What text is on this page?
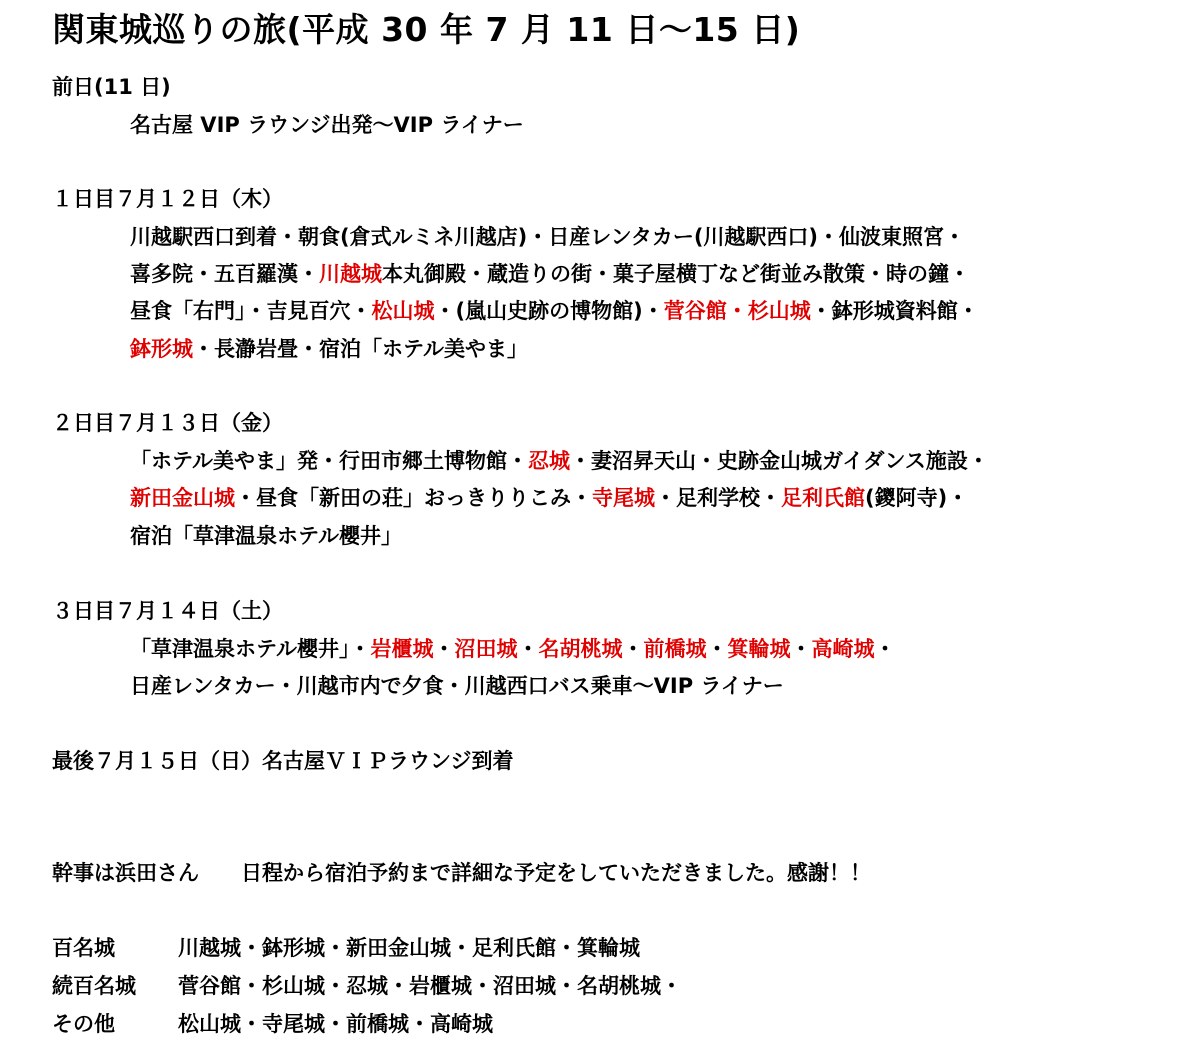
関東城巡りの旅(平成 30 年 7 月 11 日～15 日)
前日(11 日)
名古屋 VIP ラウンジ出発～VIP ライナー
１日目７月１２日（木）
川越駅西口到着・朝食(倉式ルミネ川越店)・日産レンタカー(川越駅西口)・仙波東照宮・
喜多院・五百羅漢・川越城本丸御殿・蔵造りの街・菓子屋横丁など街並み散策・時の鐘・
昼食「右門」・吉見百穴・松山城・(嵐山史跡の博物館)・菅谷館・杉山城・鉢形城資料館・
鉢形城・長瀞岩畳・宿泊「ホテル美やま」
２日目７月１３日（金）
「ホテル美やま」発・行田市郷土博物館・忍城・妻沼昇天山・史跡金山城ガイダンス施設・
新田金山城・昼食「新田の荘」おっきりりこみ・寺尾城・足利学校・足利氏館(鑁阿寺)・
宿泊「草津温泉ホテル櫻井」
３日目７月１４日（土）
「草津温泉ホテル櫻井」・岩櫃城・沼田城・名胡桃城・前橋城・箕輪城・高崎城・
日産レンタカー・川越市内で夕食・川越西口バス乗車～VIP ライナー
最後７月１５日（日）名古屋ＶＩＰラウンジ到着
幹事は浜田さん　　日程から宿泊予約まで詳細な予定をしていただきました。感謝！！
百名城	川越城・鉢形城・新田金山城・足利氏館・箕輪城
続百名城 菅谷館・杉山城・忍城・岩櫃城・沼田城・名胡桃城・
その他	松山城・寺尾城・前橋城・高崎城
